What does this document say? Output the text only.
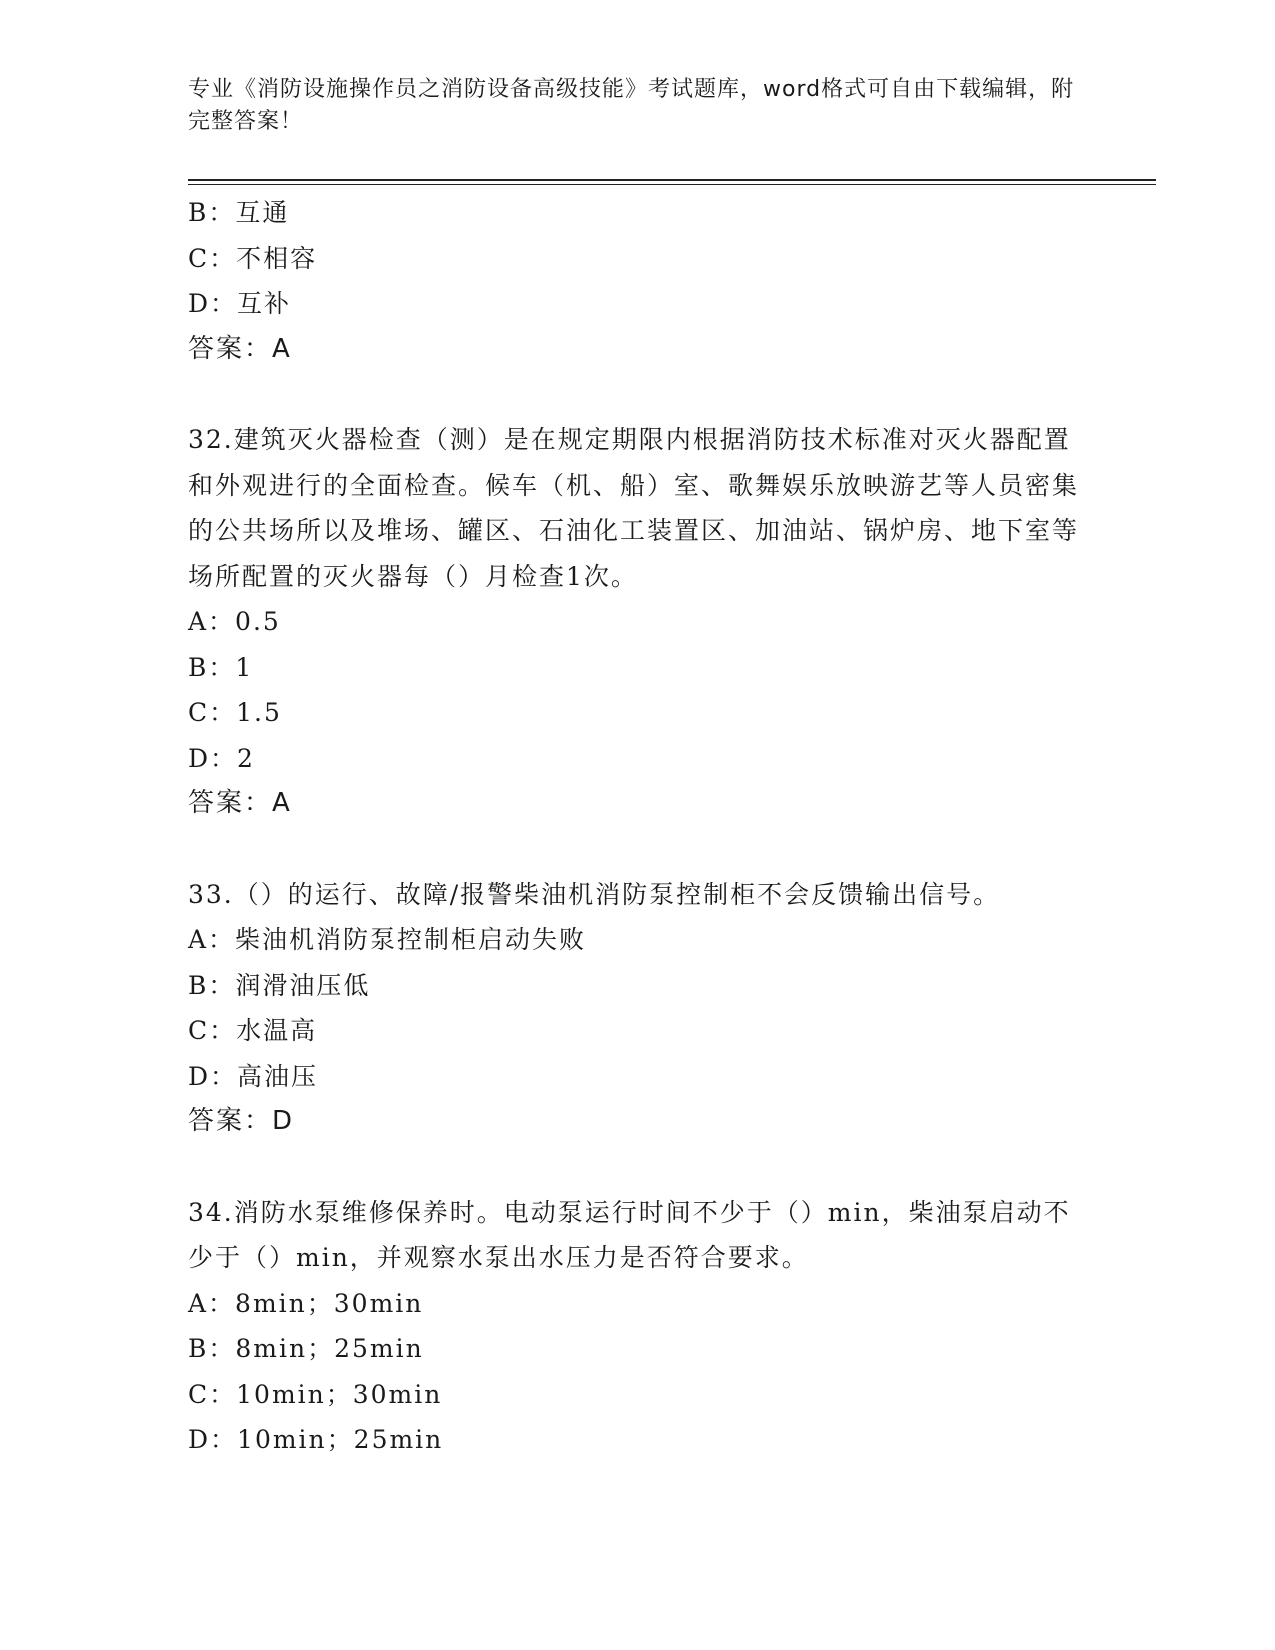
专业《消防设施操作员之消防设备高级技能》考试题库，word格式可自由下载编辑，附完整答案！
B：互通
C：不相容
D：互补
答案：A
32.建筑灭火器检查（测）是在规定期限内根据消防技术标准对灭火器配置和外观进行的全面检查。候车（机、船）室、歌舞娱乐放映游艺等人员密集的公共场所以及堆场、罐区、石油化工装置区、加油站、锅炉房、地下室等场所配置的灭火器每（）月检查1次。
A：0.5
B：1
C：1.5
D：2
答案：A
33.（）的运行、故障/报警柴油机消防泵控制柜不会反馈输出信号。
A：柴油机消防泵控制柜启动失败
B：润滑油压低
C：水温高
D：高油压
答案：D
34.消防水泵维修保养时。电动泵运行时间不少于（）min，柴油泵启动不少于（）min，并观察水泵出水压力是否符合要求。
A：8min；30min
B：8min；25min
C：10min；30min
D：10min；25min
